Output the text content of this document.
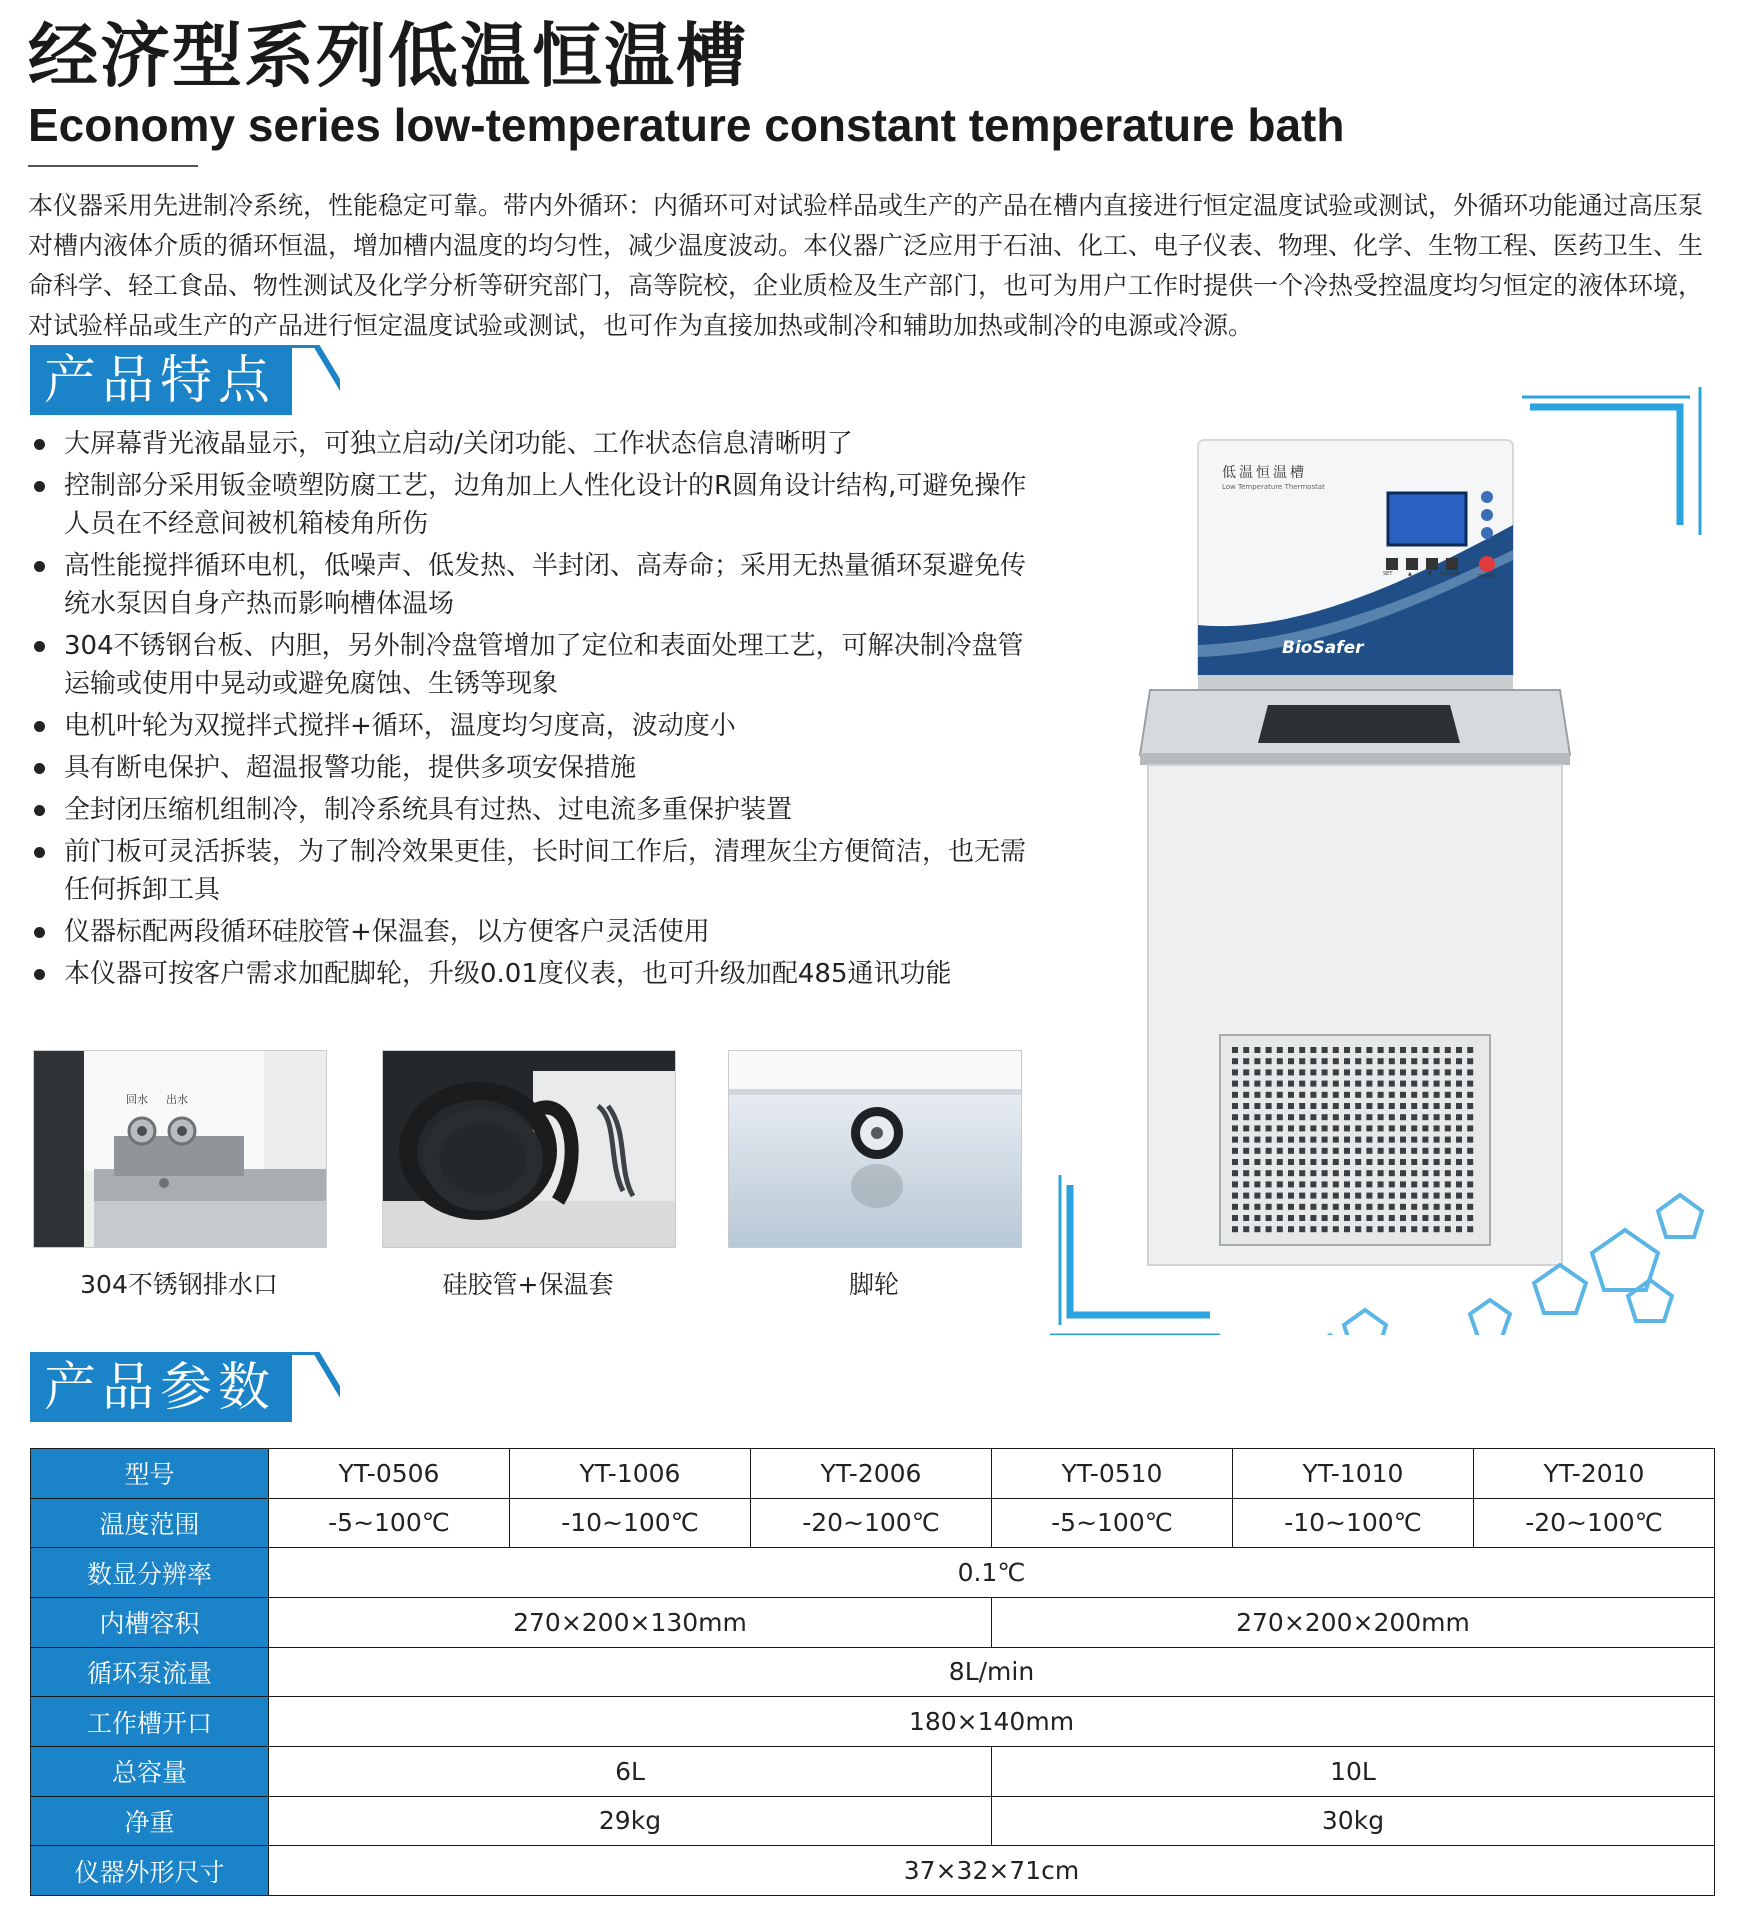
经济型系列低温恒温槽
Economy series low-temperature constant temperature bath

本仪器采用先进制冷系统，性能稳定可靠。带内外循环：内循环可对试验样品或生产的产品在槽内直接进行恒定温度试验或测试，外循环功能通过高压泵对槽内液体介质的循环恒温，增加槽内温度的均匀性，减少温度波动。本仪器广泛应用于石油、化工、电子仪表、物理、化学、生物工程、医药卫生、生命科学、轻工食品、物性测试及化学分析等研究部门，高等院校，企业质检及生产部门，也可为用户工作时提供一个冷热受控温度均匀恒定的液体环境，对试验样品或生产的产品进行恒定温度试验或测试，也可作为直接加热或制冷和辅助加热或制冷的电源或冷源。

产品特点
大屏幕背光液晶显示，可独立启动/关闭功能、工作状态信息清晰明了
控制部分采用钣金喷塑防腐工艺，边角加上人性化设计的R圆角设计结构,可避免操作人员在不经意间被机箱棱角所伤
高性能搅拌循环电机，低噪声、低发热、半封闭、高寿命；采用无热量循环泵避免传统水泵因自身产热而影响槽体温场
304不锈钢台板、内胆，另外制冷盘管增加了定位和表面处理工艺，可解决制冷盘管运输或使用中晃动或避免腐蚀、生锈等现象
电机叶轮为双搅拌式搅拌+循环，温度均匀度高，波动度小
具有断电保护、超温报警功能，提供多项安保措施
全封闭压缩机组制冷，制冷系统具有过热、过电流多重保护装置
前门板可灵活拆装，为了制冷效果更佳，长时间工作后，清理灰尘方便简洁，也无需任何拆卸工具
仪器标配两段循环硅胶管+保温套，以方便客户灵活使用
本仪器可按客户需求加配脚轮，升级0.01度仪表，也可升级加配485通讯功能
回水 出水
304不锈钢排水口	硅胶管+保温套	脚轮
低温恒温槽
Low Temperature Thermostat
BioSafer
SET	▲	▼ DISPLAY	POWER
产品参数
型号	YT-0506	YT-1006	YT-2006	YT-0510	YT-1010	YT-2010
温度范围	-5~100℃	-10~100℃	-20~100℃	-5~100℃	-10~100℃	-20~100℃
数显分辨率	0.1℃					
内槽容积	270×200×130mm			270×200×200mm		
循环泵流量	8L/min					
工作槽开口	180×140mm					
总容量	6L			10L		
净重	29kg			30kg		
仪器外形尺寸	37×32×71cm					
